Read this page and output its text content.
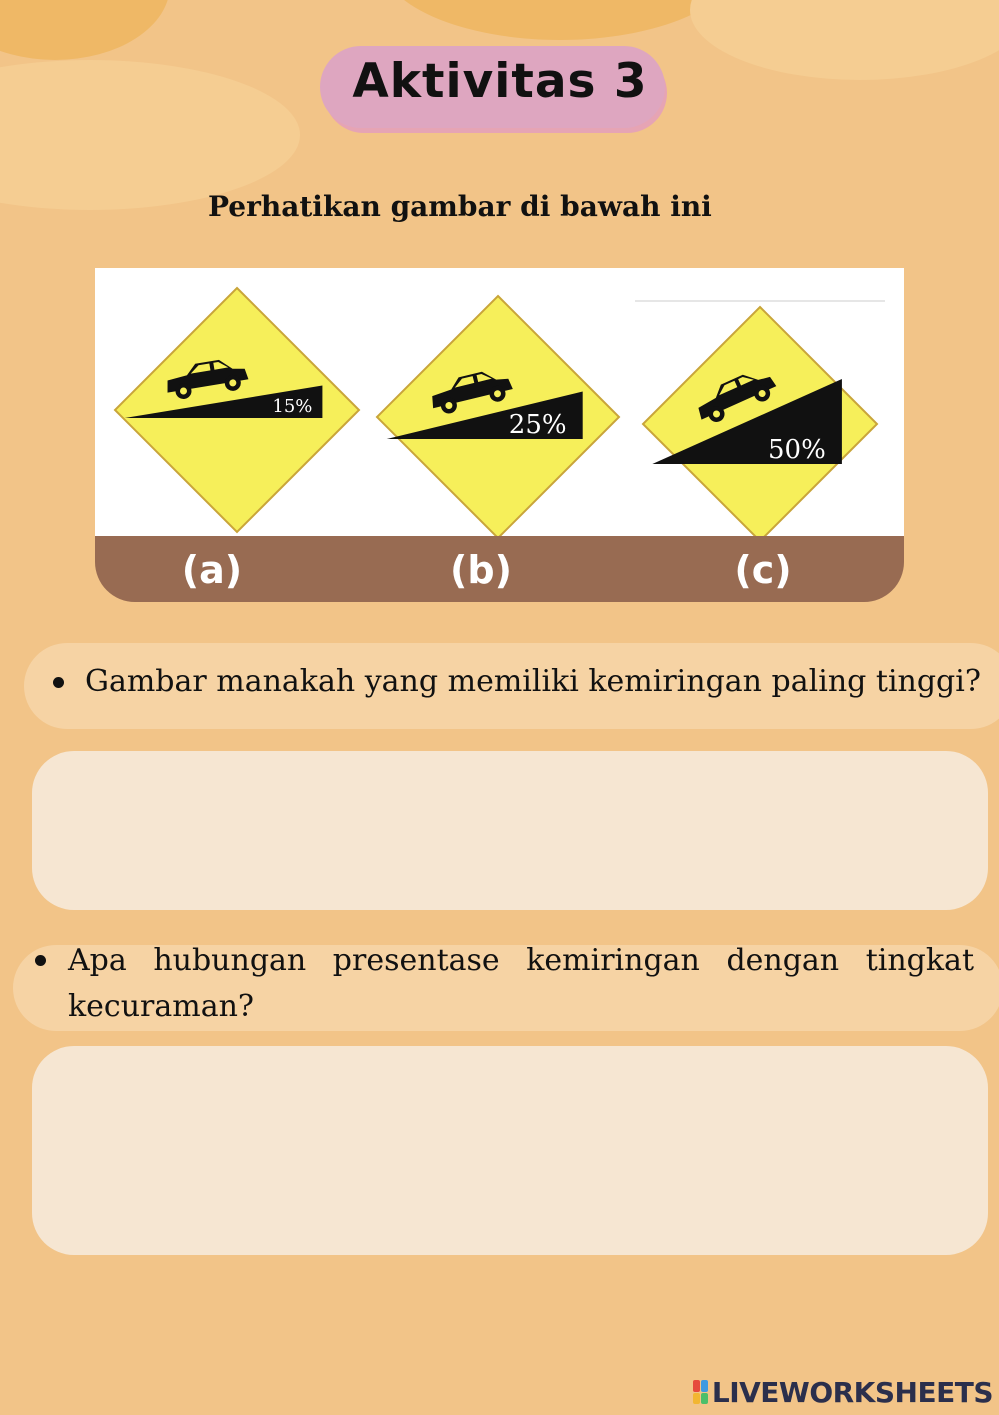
Aktivitas 3
Perhatikan gambar di bawah ini
15%
25%
50%
(a)	(b)	(c)
Gambar manakah yang memiliki kemiringan paling tinggi?
Apa hubungan presentase kemiringan dengan tingkat kecuraman?
LIVEWORKSHEETS
